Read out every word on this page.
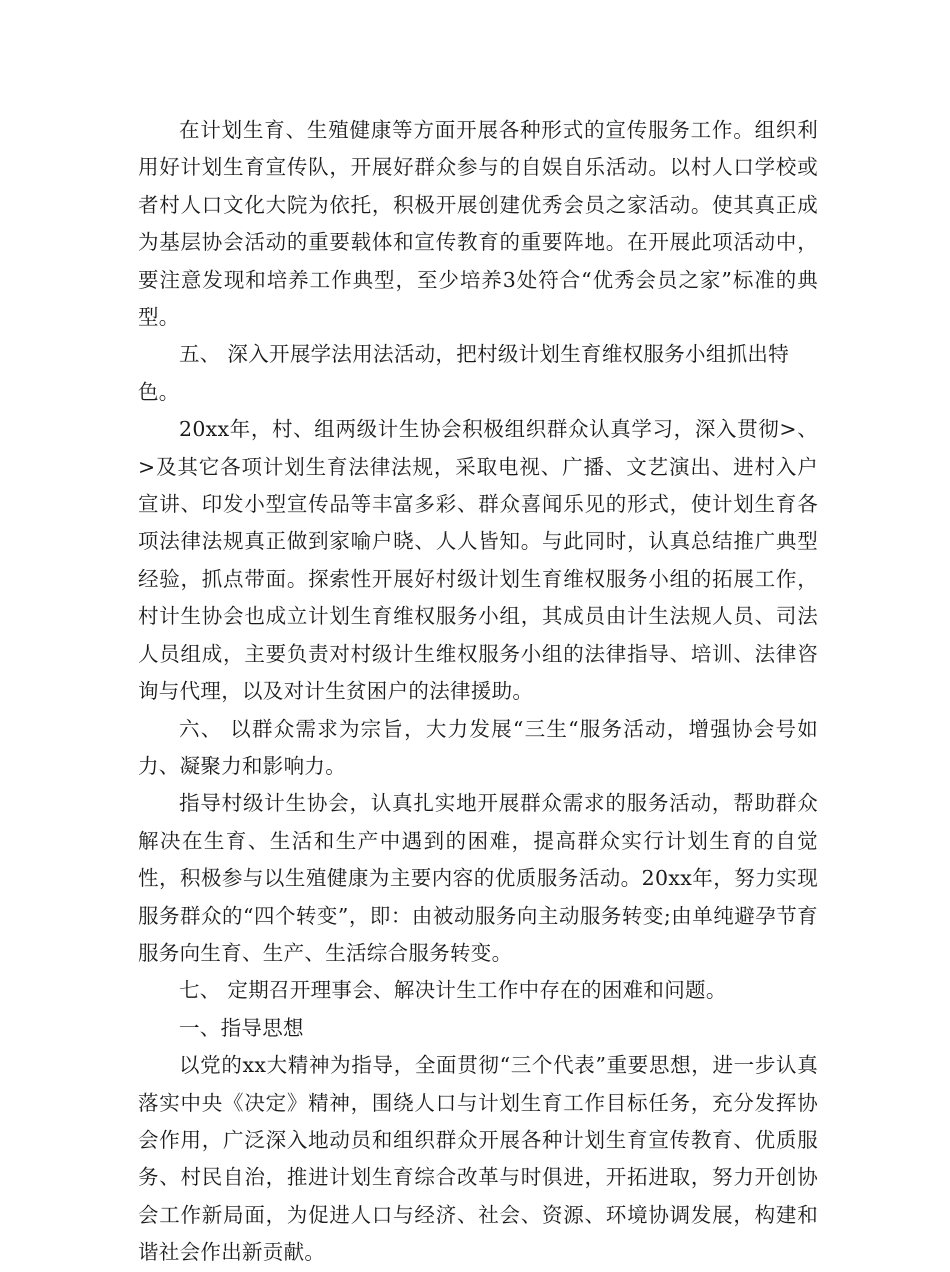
在计划生育、生殖健康等方面开展各种形式的宣传服务工作。组织利用好计划生育宣传队，开展好群众参与的自娱自乐活动。以村人口学校或者村人口文化大院为依托，积极开展创建优秀会员之家活动。使其真正成为基层协会活动的重要载体和宣传教育的重要阵地。在开展此项活动中，要注意发现和培养工作典型，至少培养3处符合“优秀会员之家”标准的典型。

五、 深入开展学法用法活动，把村级计划生育维权服务小组抓出特色。

20xx年，村、组两级计生协会积极组织群众认真学习，深入贯彻>、>及其它各项计划生育法律法规，采取电视、广播、文艺演出、进村入户宣讲、印发小型宣传品等丰富多彩、群众喜闻乐见的形式，使计划生育各项法律法规真正做到家喻户晓、人人皆知。与此同时，认真总结推广典型经验，抓点带面。探索性开展好村级计划生育维权服务小组的拓展工作，村计生协会也成立计划生育维权服务小组，其成员由计生法规人员、司法人员组成，主要负责对村级计生维权服务小组的法律指导、培训、法律咨询与代理，以及对计生贫困户的法律援助。

六、 以群众需求为宗旨，大力发展“三生“服务活动，增强协会号如力、凝聚力和影响力。

指导村级计生协会，认真扎实地开展群众需求的服务活动，帮助群众解决在生育、生活和生产中遇到的困难，提高群众实行计划生育的自觉性，积极参与以生殖健康为主要内容的优质服务活动。20xx年，努力实现服务群众的“四个转变”，即：由被动服务向主动服务转变;由单纯避孕节育服务向生育、生产、生活综合服务转变。

七、 定期召开理事会、解决计生工作中存在的困难和问题。

一、指导思想

以党的xx大精神为指导，全面贯彻“三个代表”重要思想，进一步认真落实中央《决定》精神，围绕人口与计划生育工作目标任务，充分发挥协会作用，广泛深入地动员和组织群众开展各种计划生育宣传教育、优质服务、村民自治，推进计划生育综合改革与时俱进，开拓进取，努力开创协会工作新局面，为促进人口与经济、社会、资源、环境协调发展，构建和谐社会作出新贡献。
